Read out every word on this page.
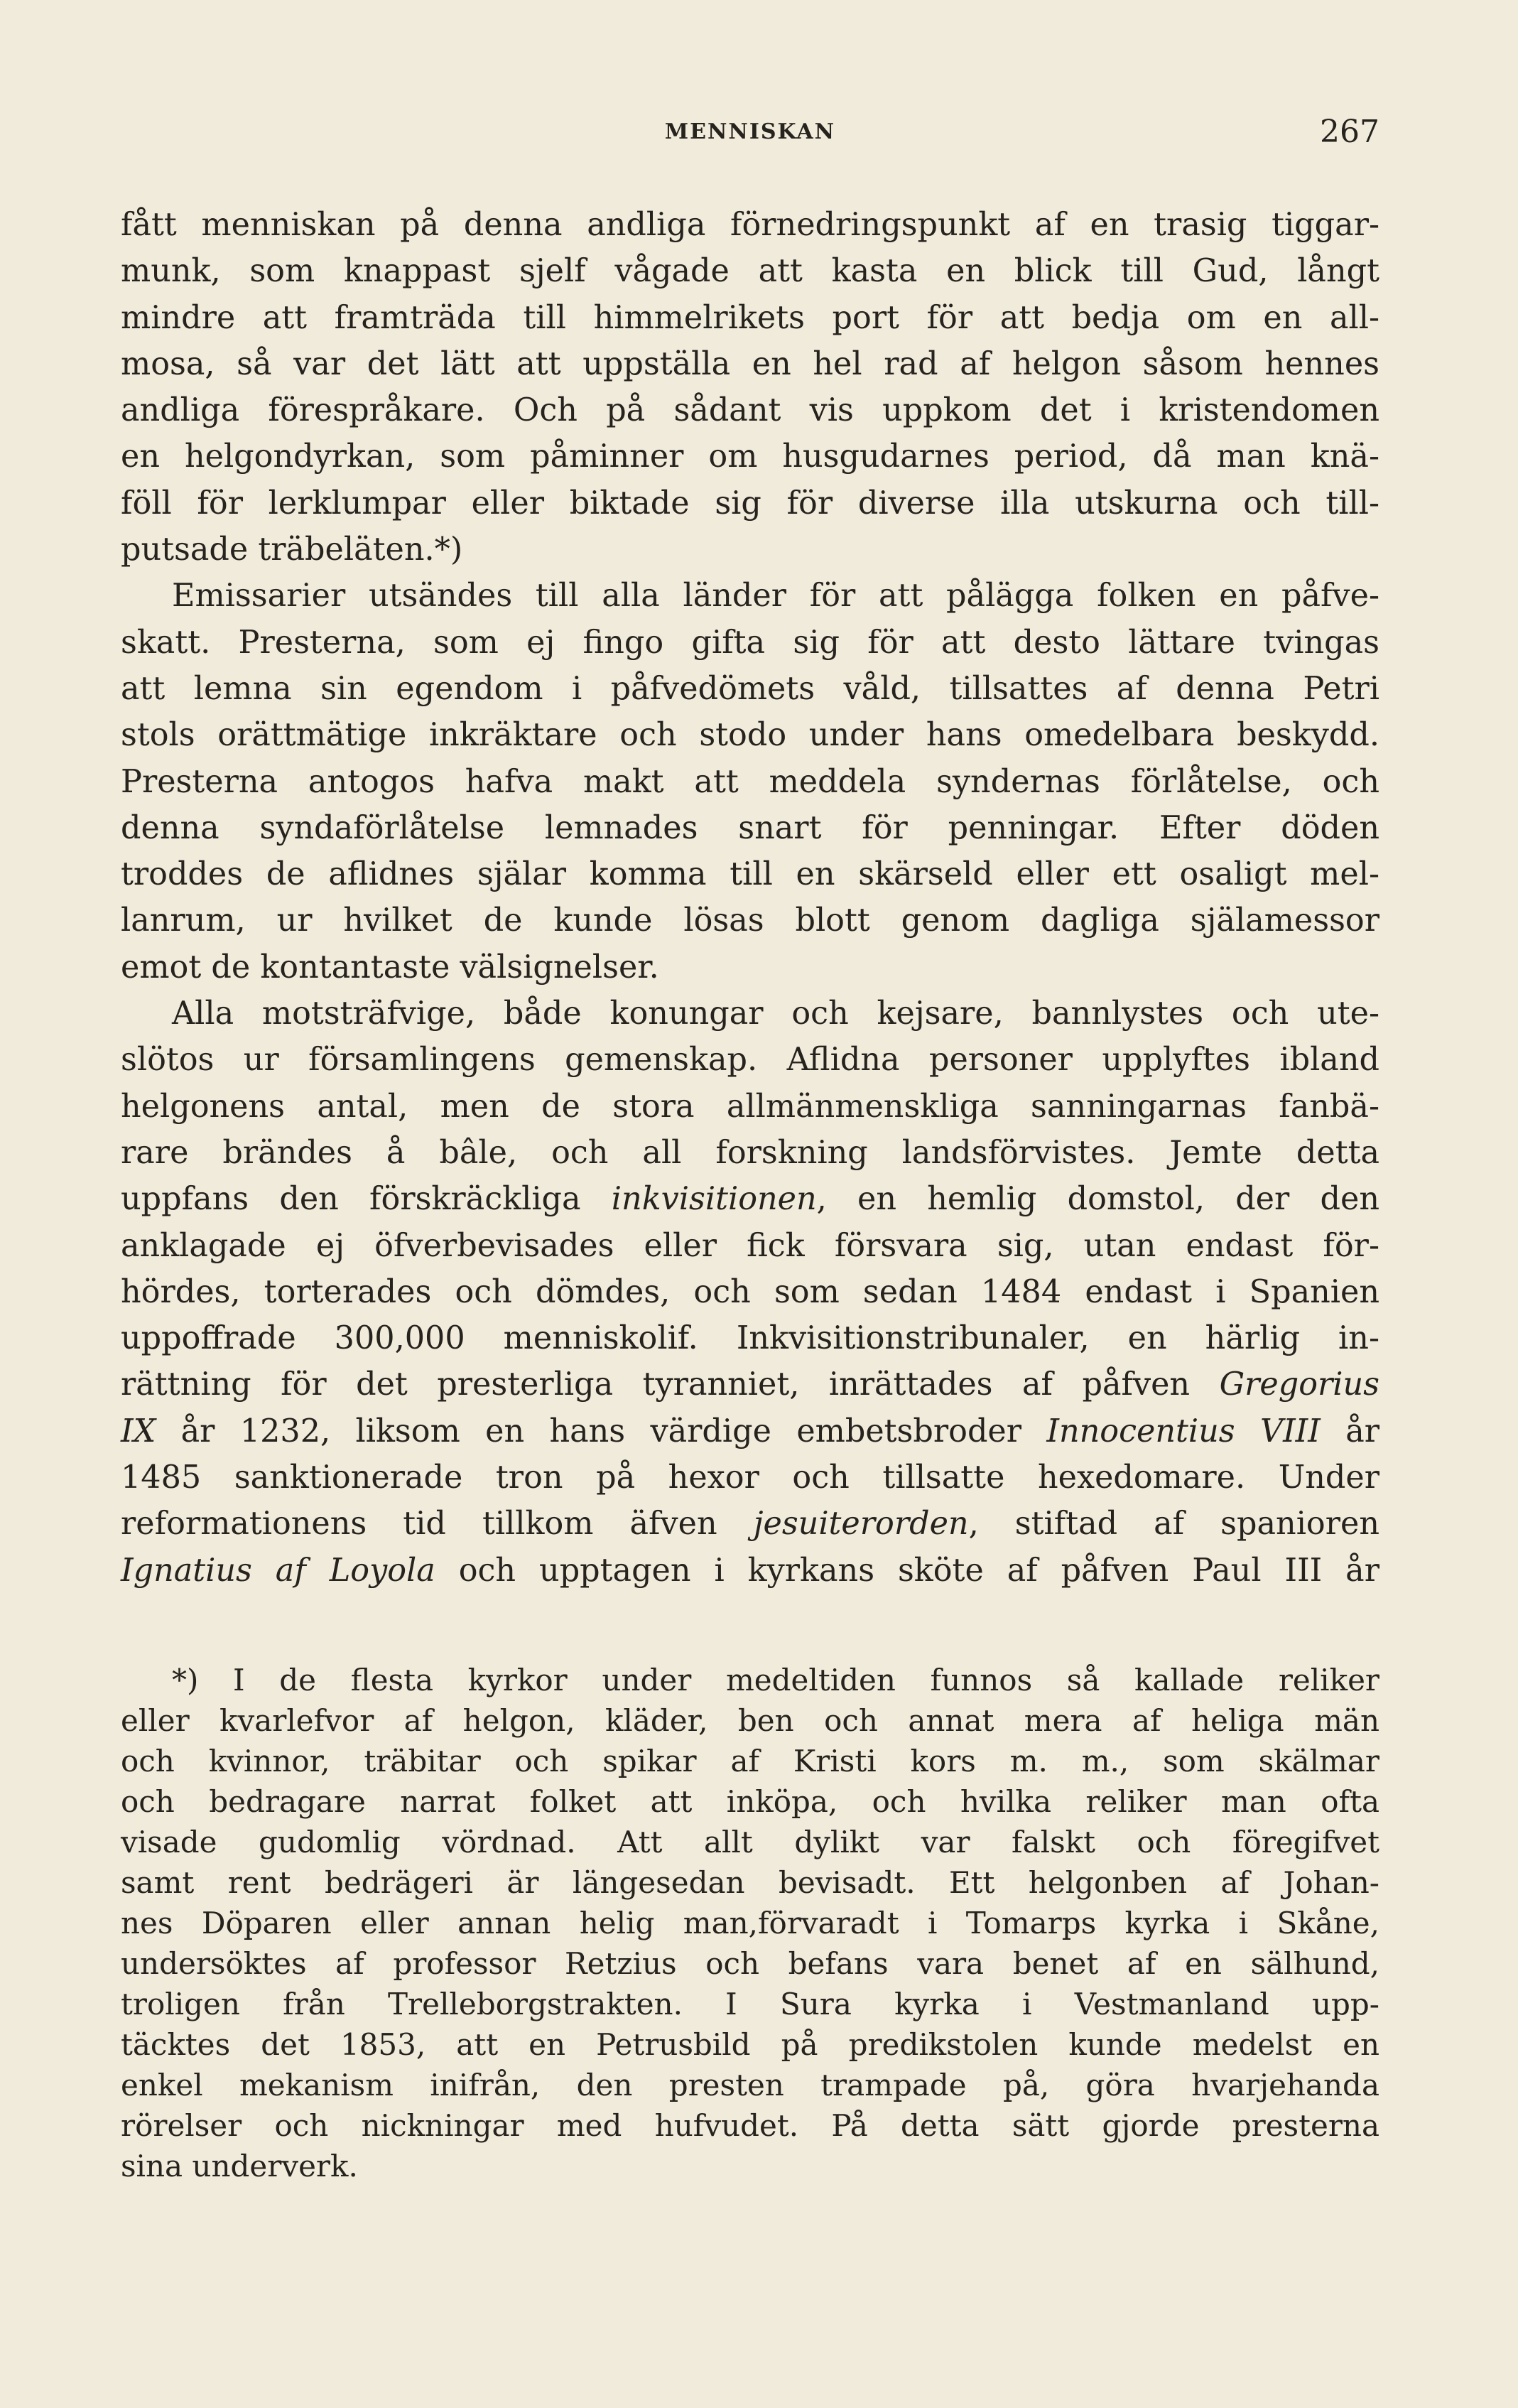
MENNISKAN	267
fått menniskan på denna andliga förnedringspunkt af en trasig tiggar-
munk, som knappast sjelf vågade att kasta en blick till Gud, långt
mindre att framträda till himmelrikets port för att bedja om en all-
mosa, så var det lätt att uppställa en hel rad af helgon såsom hennes
andliga förespråkare. Och på sådant vis uppkom det i kristendomen
en helgondyrkan, som påminner om husgudarnes period, då man knä-
föll för lerklumpar eller biktade sig för diverse illa utskurna och till-
putsade träbeläten.*)
Emissarier utsändes till alla länder för att pålägga folken en påfve-
skatt. Presterna, som ej fingo gifta sig för att desto lättare tvingas
att lemna sin egendom i påfvedömets våld, tillsattes af denna Petri
stols orättmätige inkräktare och stodo under hans omedelbara beskydd.
Presterna antogos hafva makt att meddela syndernas förlåtelse, och
denna syndaförlåtelse lemnades snart för penningar. Efter döden
troddes de aflidnes själar komma till en skärseld eller ett osaligt mel-
lanrum, ur hvilket de kunde lösas blott genom dagliga själamessor
emot de kontantaste välsignelser.
Alla motsträfvige, både konungar och kejsare, bannlystes och ute-
slötos ur församlingens gemenskap. Aflidna personer upplyftes ibland
helgonens antal, men de stora allmänmenskliga sanningarnas fanbä-
rare brändes å bâle, och all forskning landsförvistes. Jemte detta
uppfans den förskräckliga inkvisitionen, en hemlig domstol, der den
anklagade ej öfverbevisades eller fick försvara sig, utan endast för-
hördes, torterades och dömdes, och som sedan 1484 endast i Spanien
uppoffrade 300,000 menniskolif. Inkvisitionstribunaler, en härlig in-
rättning för det presterliga tyranniet, inrättades af påfven Gregorius
IX år 1232, liksom en hans värdige embetsbroder Innocentius VIII år
1485 sanktionerade tron på hexor och tillsatte hexedomare. Under
reformationens tid tillkom äfven jesuiterorden, stiftad af spanioren
Ignatius af Loyola och upptagen i kyrkans sköte af påfven Paul III år
*) I de flesta kyrkor under medeltiden funnos så kallade reliker
eller kvarlefvor af helgon, kläder, ben och annat mera af heliga män
och kvinnor, träbitar och spikar af Kristi kors m. m., som skälmar
och bedragare narrat folket att inköpa, och hvilka reliker man ofta
visade gudomlig vördnad. Att allt dylikt var falskt och föregifvet
samt rent bedrägeri är längesedan bevisadt. Ett helgonben af Johan-
nes Döparen eller annan helig man,förvaradt i Tomarps kyrka i Skåne,
undersöktes af professor Retzius och befans vara benet af en sälhund,
troligen från Trelleborgstrakten. I Sura kyrka i Vestmanland upp-
täcktes det 1853, att en Petrusbild på predikstolen kunde medelst en
enkel mekanism inifrån, den presten trampade på, göra hvarjehanda
rörelser och nickningar med hufvudet. På detta sätt gjorde presterna
sina underverk.
